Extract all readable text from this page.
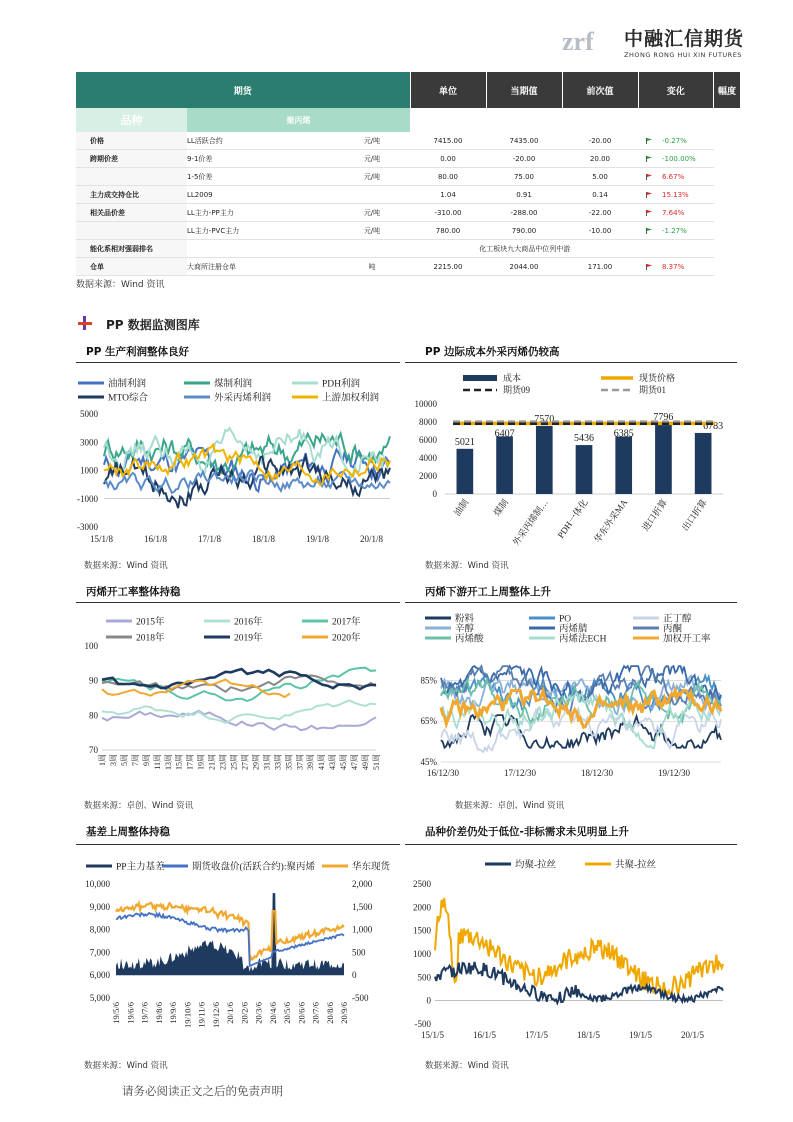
zrf 中融汇信期货
ZHONG RONG HUI XIN FUTURES
期货			单位	当期值	前次值	变化	幅度
品种	聚丙烯						
价格	LL活跃合约	元/吨	7415.00	7435.00	-20.00	-0.27%	
跨期价差	9-1价差	元/吨	0.00	-20.00	20.00	-100.00%	
	1-5价差	元/吨	80.00	75.00	5.00	6.67%	
主力成交持仓比	LL2009		1.04	0.91	0.14	15.13%	
相关品价差	LL主力-PP主力	元/吨	-310.00	-288.00	-22.00	7.64%	
	LL主力-PVC主力	元/吨	780.00	790.00	-10.00	-1.27%	
能化系相对强弱排名	化工板块九大商品中位列中游						
仓单	大商所注册仓单	吨	2215.00	2044.00	171.00	8.37%	
数据来源：Wind 资讯
PP 数据监测图库
PP 生产利润整体良好	PP 边际成本外采丙烯仍较高
丙烯开工率整体持稳	丙烯下游开工上周整体上升
基差上周整体持稳	品种价差仍处于低位-非标需求未见明显上升
油制利润	煤制利润	PDH利润
MTO综合	外采丙烯利润	上游加权利润
5000
3000
1000
-1000
-3000
15/1/8	16/1/8	17/1/8	18/1/8	19/1/8	20/1/8
成本	现货价格
期货09	期货01
10000
8000
6000
4000
2000
0
5021
油制
6407
煤制
7570
外采丙烯制…
5436
PDH一体化
6385
华东外采MA
7796
进口折算
6783
出口折算
2015年	2016年	2017年
2018年	2019年	2020年
100
90
80
70
1周 3周 5周 7周 9周 11周 13周 15周 17周 19周 21周 23周 25周 27周 29周 31周 33周 35周 37周 39周 41周 43周 45周 47周 49周 51周
粉料	PO	正丁醇
辛醇	丙烯腈	丙酮
丙烯酸	丙烯法ECH	加权开工率
85%
65%
45%
16/12/30	17/12/30	18/12/30	19/12/30
PP主力基差	期货收盘价(活跃合约):聚丙烯	华东现货
10,000
9,000
8,000
7,000
6,000
5,000
2,000
1,500
1,000
500
0
-500
19/5/6 19/6/6 19/7/6 19/8/6 19/9/6 19/10/6 19/11/6 19/12/6 20/1/6 20/2/6 20/3/6 20/4/6 20/5/6 20/6/6 20/7/6 20/8/6 20/9/6
均聚-拉丝	共聚-拉丝
2500
2000
1500
1000
500
0
-500
15/1/5	16/1/5	17/1/5	18/1/5	19/1/5	20/1/5
数据来源：Wind 资讯	数据来源：Wind 资讯
数据来源：卓创、Wind 资讯	数据来源：卓创、Wind 资讯
数据来源：Wind 资讯	数据来源：Wind 资讯
请务必阅读正文之后的免责声明
